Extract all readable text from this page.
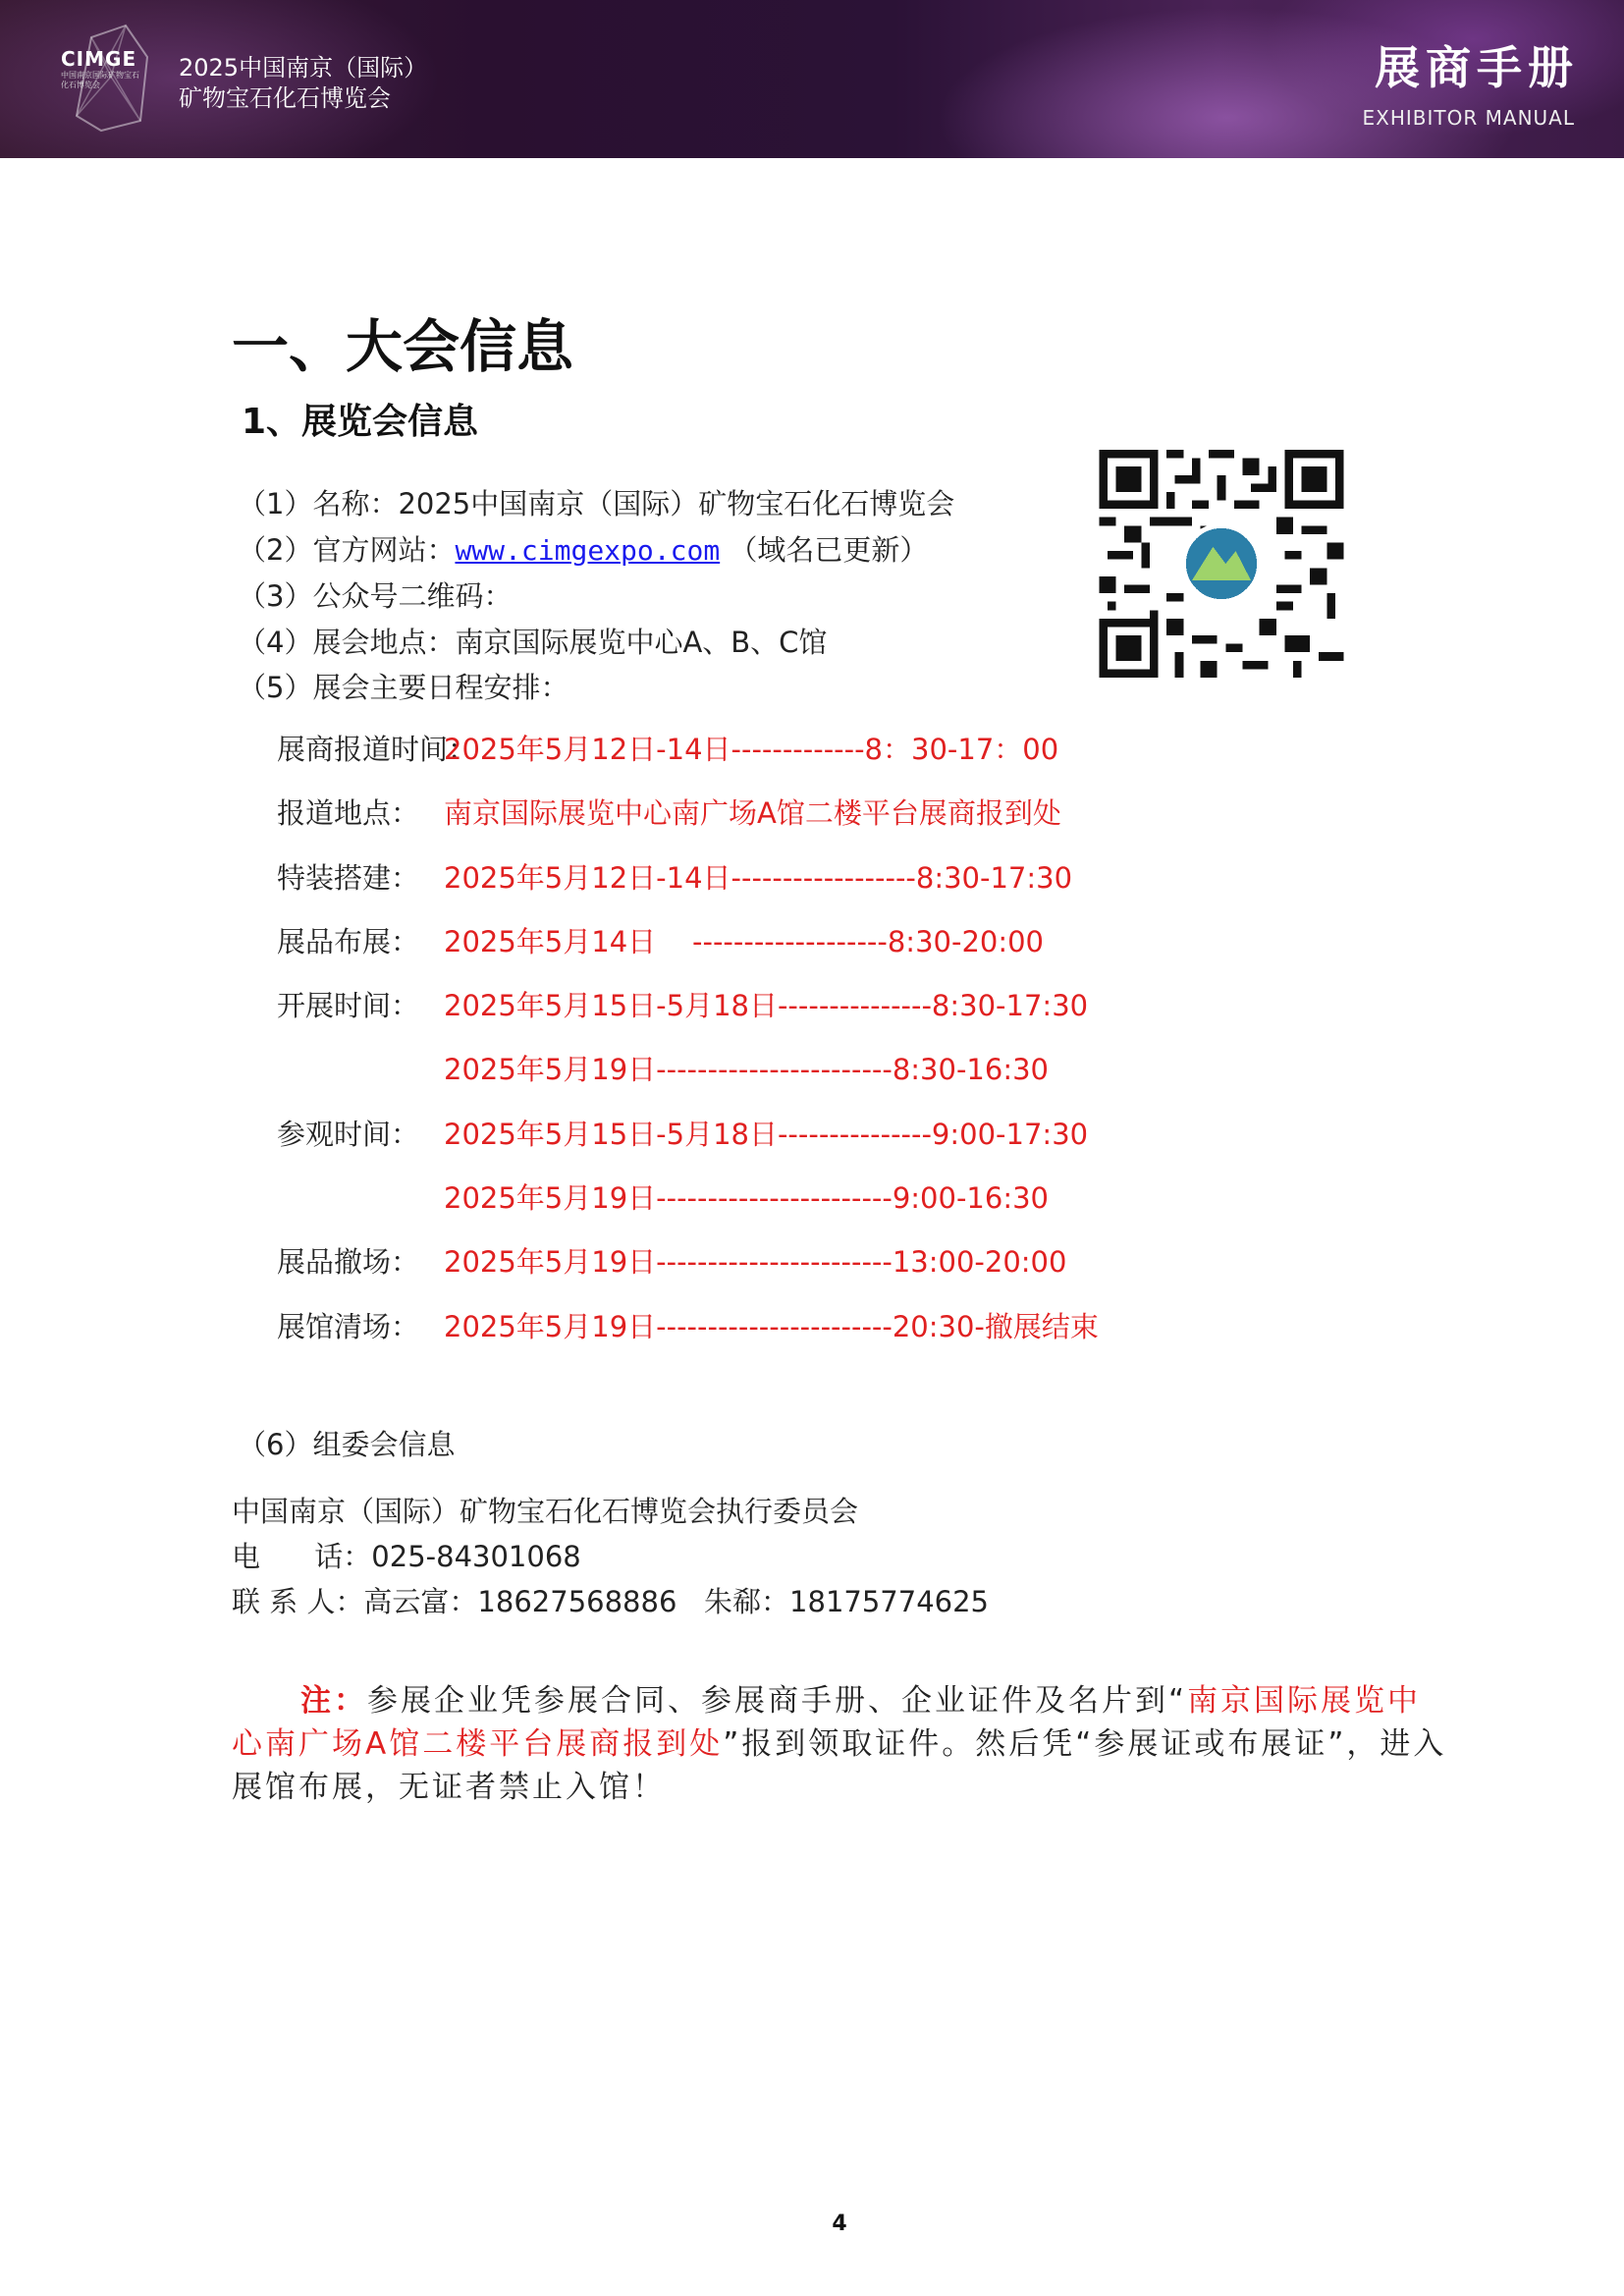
CIMGE
中国南京国际矿物宝石化石博览会
2025中国南京（国际）
矿物宝石化石博览会
展商手册
EXHIBITOR MANUAL
一、大会信息
1、展览会信息
（1）名称：2025中国南京（国际）矿物宝石化石博览会
（2）官方网站：www.cimgexpo.com （域名已更新）
（3）公众号二维码：
（4）展会地点：南京国际展览中心A、B、C馆
（5）展会主要日程安排：
展商报道时间：2025年5月12日-14日-------------8：30-17：00
报道地点： 南京国际展览中心南广场A馆二楼平台展商报到处
特装搭建： 2025年5月12日-14日------------------8:30-17:30
展品布展： 2025年5月14日    -------------------8:30-20:00
开展时间： 2025年5月15日-5月18日---------------8:30-17:30
2025年5月19日-----------------------8:30-16:30
参观时间： 2025年5月15日-5月18日---------------9:00-17:30
2025年5月19日-----------------------9:00-16:30
展品撤场： 2025年5月19日-----------------------13:00-20:00
展馆清场： 2025年5月19日-----------------------20:30-撤展结束
（6）组委会信息
中国南京（国际）矿物宝石化石博览会执行委员会
电      话：025-84301068
联 系 人：高云富：18627568886   朱郗：18175774625
注：参展企业凭参展合同、参展商手册、企业证件及名片到“南京国际展览中心南广场A馆二楼平台展商报到处”报到领取证件。然后凭“参展证或布展证”，进入展馆布展，无证者禁止入馆！
4
